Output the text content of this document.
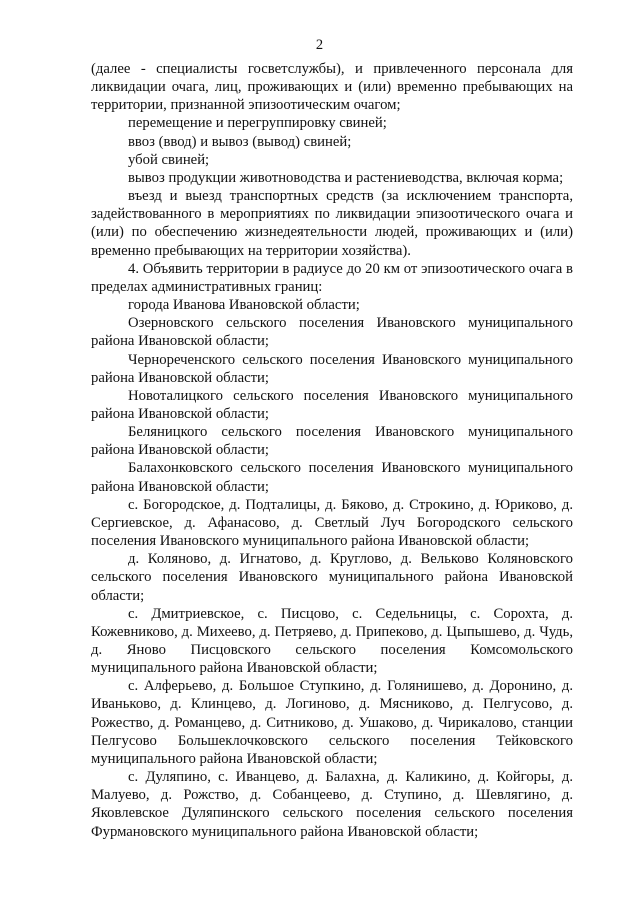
2

(далее - специалисты госветслужбы), и привлеченного персонала для ликвидации очага, лиц, проживающих и (или) временно пребывающих на территории, признанной эпизоотическим очагом;

перемещение и перегруппировку свиней;

ввоз (ввод) и вывоз (вывод) свиней;

убой свиней;

вывоз продукции животноводства и растениеводства, включая корма;

въезд и выезд транспортных средств (за исключением транспорта, задействованного в мероприятиях по ликвидации эпизоотического очага и (или) по обеспечению жизнедеятельности людей, проживающих и (или) временно пребывающих на территории хозяйства).

4. Объявить территории в радиусе до 20 км от эпизоотического очага в пределах административных границ:

города Иванова Ивановской области;

Озерновского сельского поселения Ивановского муниципального района Ивановской области;

Чернореченского сельского поселения Ивановского муниципального района Ивановской области;

Новоталицкого сельского поселения Ивановского муниципального района Ивановской области;

Беляницкого сельского поселения Ивановского муниципального района Ивановской области;

Балахонковского сельского поселения Ивановского муниципального района Ивановской области;

с. Богородское, д. Подталицы, д. Бяково, д. Строкино, д. Юриково, д. Сергиевское, д. Афанасово, д. Светлый Луч Богородского сельского поселения Ивановского муниципального района Ивановской области;

д. Коляново, д. Игнатово, д. Круглово, д. Вельково Коляновского сельского поселения Ивановского муниципального района Ивановской области;

с. Дмитриевское, с. Писцово, с. Седельницы, с. Сорохта, д. Кожевниково, д. Михеево, д. Петряево, д. Припеково, д. Цыпышево, д. Чудь, д. Яново Писцовского сельского поселения Комсомольского муниципального района Ивановской области;

с. Алферьево, д. Большое Ступкино, д. Голянишево, д. Доронино, д. Иваньково, д. Клинцево, д. Логиново, д. Мясниково, д. Пелгусово, д. Рожество, д. Романцево, д. Ситниково, д. Ушаково, д. Чирикалово, станции Пелгусово Большеклочковского сельского поселения Тейковского муниципального района Ивановской области;

с. Дуляпино, с. Иванцево, д. Балахна, д. Каликино, д. Койгоры, д. Малуево, д. Рожство, д. Собанцеево, д. Ступино, д. Шевлягино, д. Яковлевское Дуляпинского сельского поселения сельского поселения Фурмановского муниципального района Ивановской области;
